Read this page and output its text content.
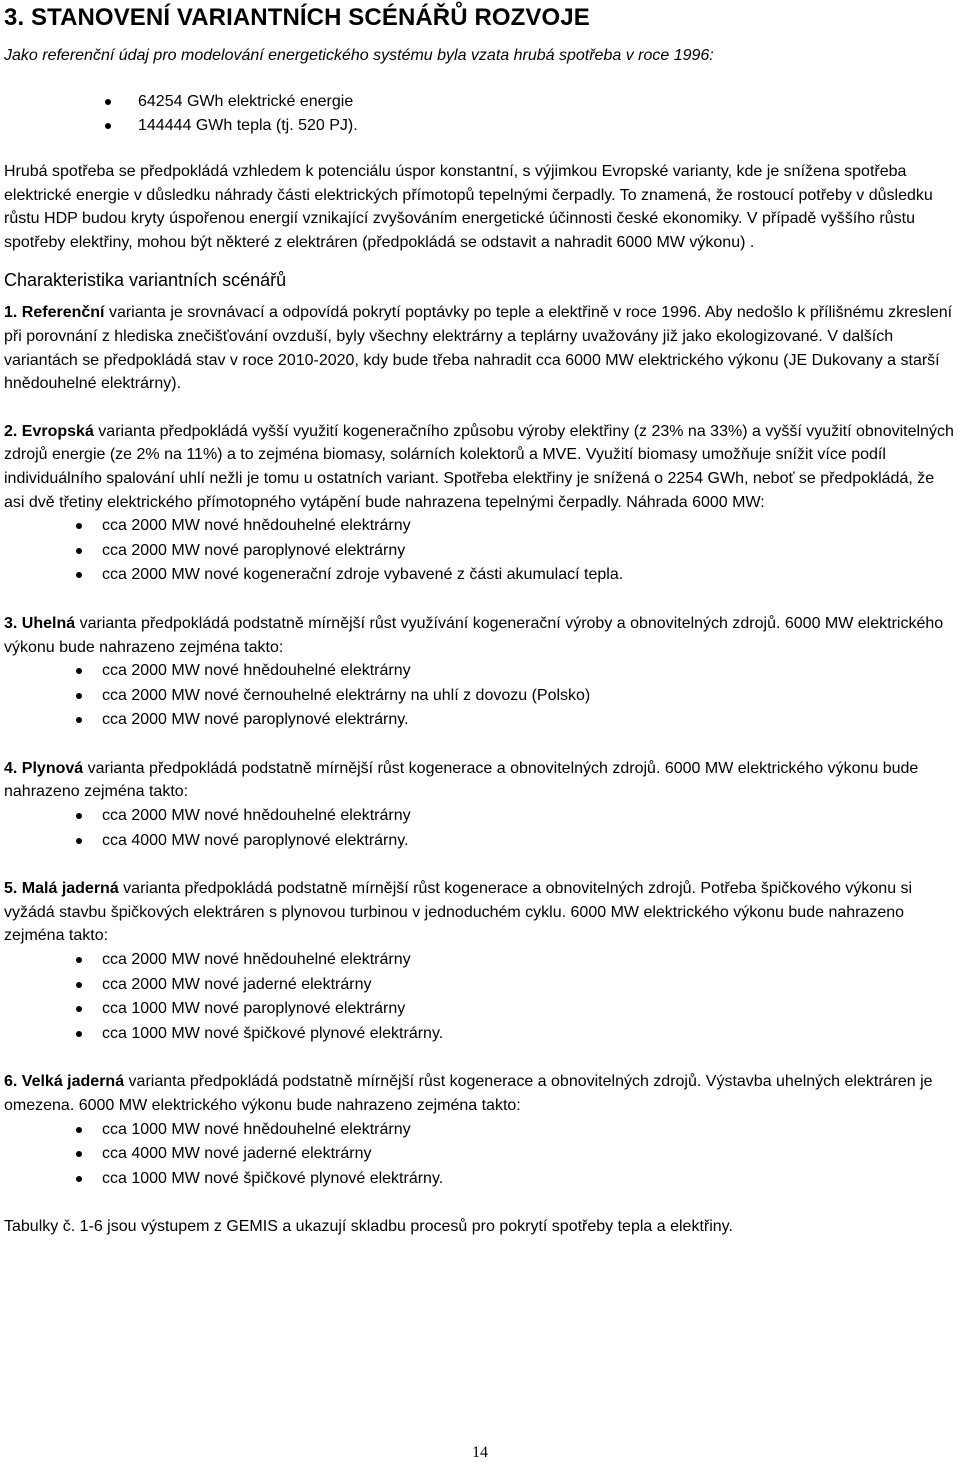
3. STANOVENÍ VARIANTNÍCH SCÉNÁŘŮ ROZVOJE
Jako referenční údaj pro modelování energetického systému byla vzata hrubá spotřeba v roce 1996:
64254 GWh elektrické energie
144444 GWh tepla (tj. 520 PJ).

Hrubá spotřeba se předpokládá vzhledem k potenciálu úspor konstantní, s výjimkou Evropské varianty, kde je snížena spotřeba elektrické energie v důsledku náhrady části elektrických přímotopů tepelnými čerpadly. To znamená, že rostoucí potřeby v důsledku růstu HDP budou kryty úspořenou energií vznikající zvyšováním energetické účinnosti české ekonomiky. V případě vyššího růstu spotřeby elektřiny, mohou být některé z elektráren (předpokládá se odstavit a nahradit 6000 MW výkonu) .

Charakteristika variantních scénářů

1. Referenční varianta je srovnávací a odpovídá pokrytí poptávky po teple a elektřině v roce 1996. Aby nedošlo k přílišnému zkreslení při porovnání z hlediska znečišťování ovzduší, byly všechny elektrárny a teplárny uvažovány již jako ekologizované. V dalších variantách se předpokládá stav v roce 2010-2020, kdy bude třeba nahradit cca 6000 MW elektrického výkonu (JE Dukovany a starší hnědouhelné elektrárny).

2. Evropská varianta předpokládá vyšší využití kogeneračního způsobu výroby elektřiny (z 23% na 33%) a vyšší využití obnovitelných zdrojů energie (ze 2% na 11%) a to zejména biomasy, solárních kolektorů a MVE. Využití biomasy umožňuje snížit více podíl individuálního spalování uhlí nežli je tomu u ostatních variant. Spotřeba elektřiny je snížená o 2254 GWh, neboť se předpokládá, že asi dvě třetiny elektrického přímotopného vytápění bude nahrazena tepelnými čerpadly. Náhrada 6000 MW:

cca 2000 MW nové hnědouhelné elektrárny
cca 2000 MW nové paroplynové elektrárny
cca 2000 MW nové kogenerační zdroje vybavené z části akumulací tepla.

3. Uhelná varianta předpokládá podstatně mírnější růst využívání kogenerační výroby a obnovitelných zdrojů. 6000 MW elektrického výkonu bude nahrazeno zejména takto:

cca 2000 MW nové hnědouhelné elektrárny
cca 2000 MW nové černouhelné elektrárny na uhlí z dovozu (Polsko)
cca 2000 MW nové paroplynové elektrárny.

4. Plynová varianta předpokládá podstatně mírnější růst kogenerace a obnovitelných zdrojů. 6000 MW elektrického výkonu bude nahrazeno zejména takto:

cca 2000 MW nové hnědouhelné elektrárny
cca 4000 MW nové paroplynové elektrárny.

5. Malá jaderná varianta předpokládá podstatně mírnější růst kogenerace a obnovitelných zdrojů. Potřeba špičkového výkonu si vyžádá stavbu špičkových elektráren s plynovou turbinou v jednoduchém cyklu. 6000 MW elektrického výkonu bude nahrazeno zejména takto:

cca 2000 MW nové hnědouhelné elektrárny
cca 2000 MW nové jaderné elektrárny
cca 1000 MW nové paroplynové elektrárny
cca 1000 MW nové špičkové plynové elektrárny.

6. Velká jaderná varianta předpokládá podstatně mírnější růst kogenerace a obnovitelných zdrojů. Výstavba uhelných elektráren je omezena. 6000 MW elektrického výkonu bude nahrazeno zejména takto:

cca 1000 MW nové hnědouhelné elektrárny
cca 4000 MW nové jaderné elektrárny
cca 1000 MW nové špičkové plynové elektrárny.

Tabulky č. 1-6 jsou výstupem z GEMIS a ukazují skladbu procesů pro pokrytí spotřeby tepla a elektřiny.

14
